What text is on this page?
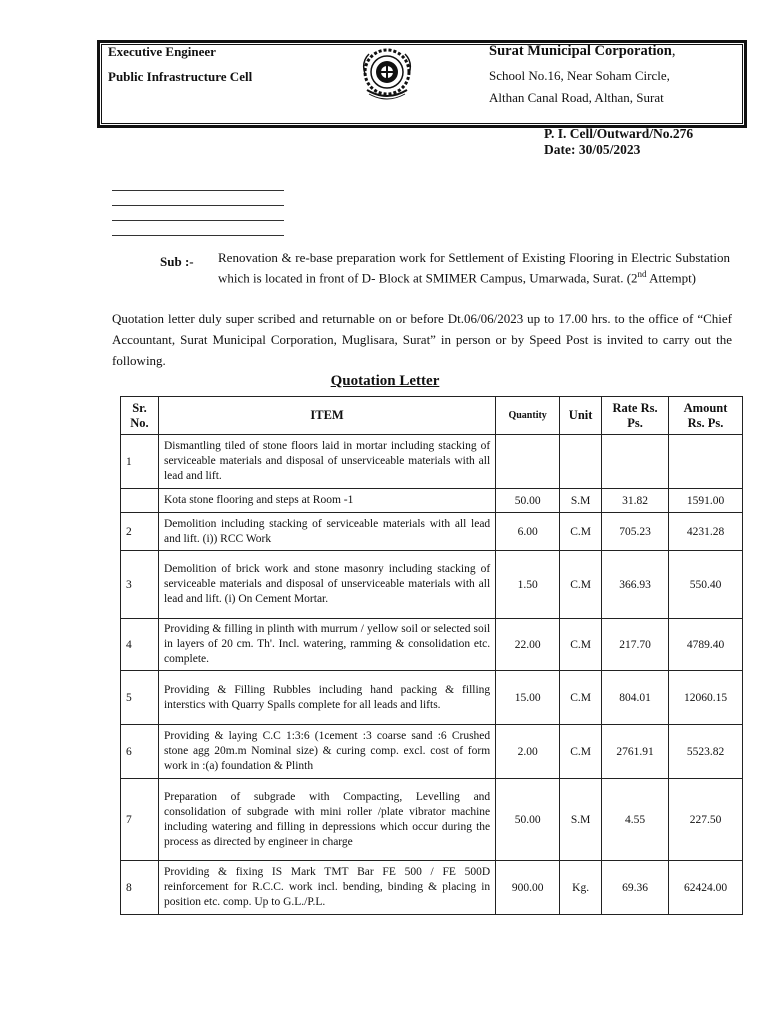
Executive Engineer
Public Infrastructure Cell
Surat Municipal Corporation,
School No.16, Near Soham Circle,
Althan Canal Road, Althan, Surat
P. I. Cell/Outward/No.276
Date: 30/05/2023
Sub :- Renovation & re-base preparation work for Settlement of Existing Flooring in Electric Substation which is located in front of D- Block at SMIMER Campus, Umarwada, Surat. (2nd Attempt)
Quotation letter duly super scribed and returnable on or before Dt.06/06/2023 up to 17.00 hrs. to the office of “Chief Accountant, Surat Municipal Corporation, Muglisara, Surat” in person or by Speed Post is invited to carry out the following.
Quotation Letter
Sr. No.	ITEM	Quantity	Unit	Rate Rs. Ps.	Amount Rs. Ps.
1	Dismantling tiled of stone floors laid in mortar including stacking of serviceable materials and disposal of unserviceable materials with all lead and lift.				
	Kota stone flooring and steps at Room -1	50.00	S.M	31.82	1591.00
2	Demolition including stacking of serviceable materials with all lead and lift. (i)) RCC Work	6.00	C.M	705.23	4231.28
3	Demolition of brick work and stone masonry including stacking of serviceable materials and disposal of unserviceable materials with all lead and lift. (i) On Cement Mortar.	1.50	C.M	366.93	550.40
4	Providing & filling in plinth with murrum / yellow soil or selected soil in layers of 20 cm. Th'. Incl. watering, ramming & consolidation etc. complete.	22.00	C.M	217.70	4789.40
5	Providing & Filling Rubbles including hand packing & filling interstics with Quarry Spalls complete for all leads and lifts.	15.00	C.M	804.01	12060.15
6	Providing & laying C.C 1:3:6 (1cement :3 coarse sand :6 Crushed stone agg 20m.m Nominal size) & curing comp. excl. cost of form work in :(a) foundation & Plinth	2.00	C.M	2761.91	5523.82
7	Preparation of subgrade with Compacting, Levelling and consolidation of subgrade with mini roller /plate vibrator machine including watering and filling in depressions which occur during the process as directed by engineer in charge	50.00	S.M	4.55	227.50
8	Providing & fixing IS Mark TMT Bar FE 500 / FE 500D reinforcement for R.C.C. work incl. bending, binding & placing in position etc. comp. Up to G.L./P.L.	900.00	Kg.	69.36	62424.00
